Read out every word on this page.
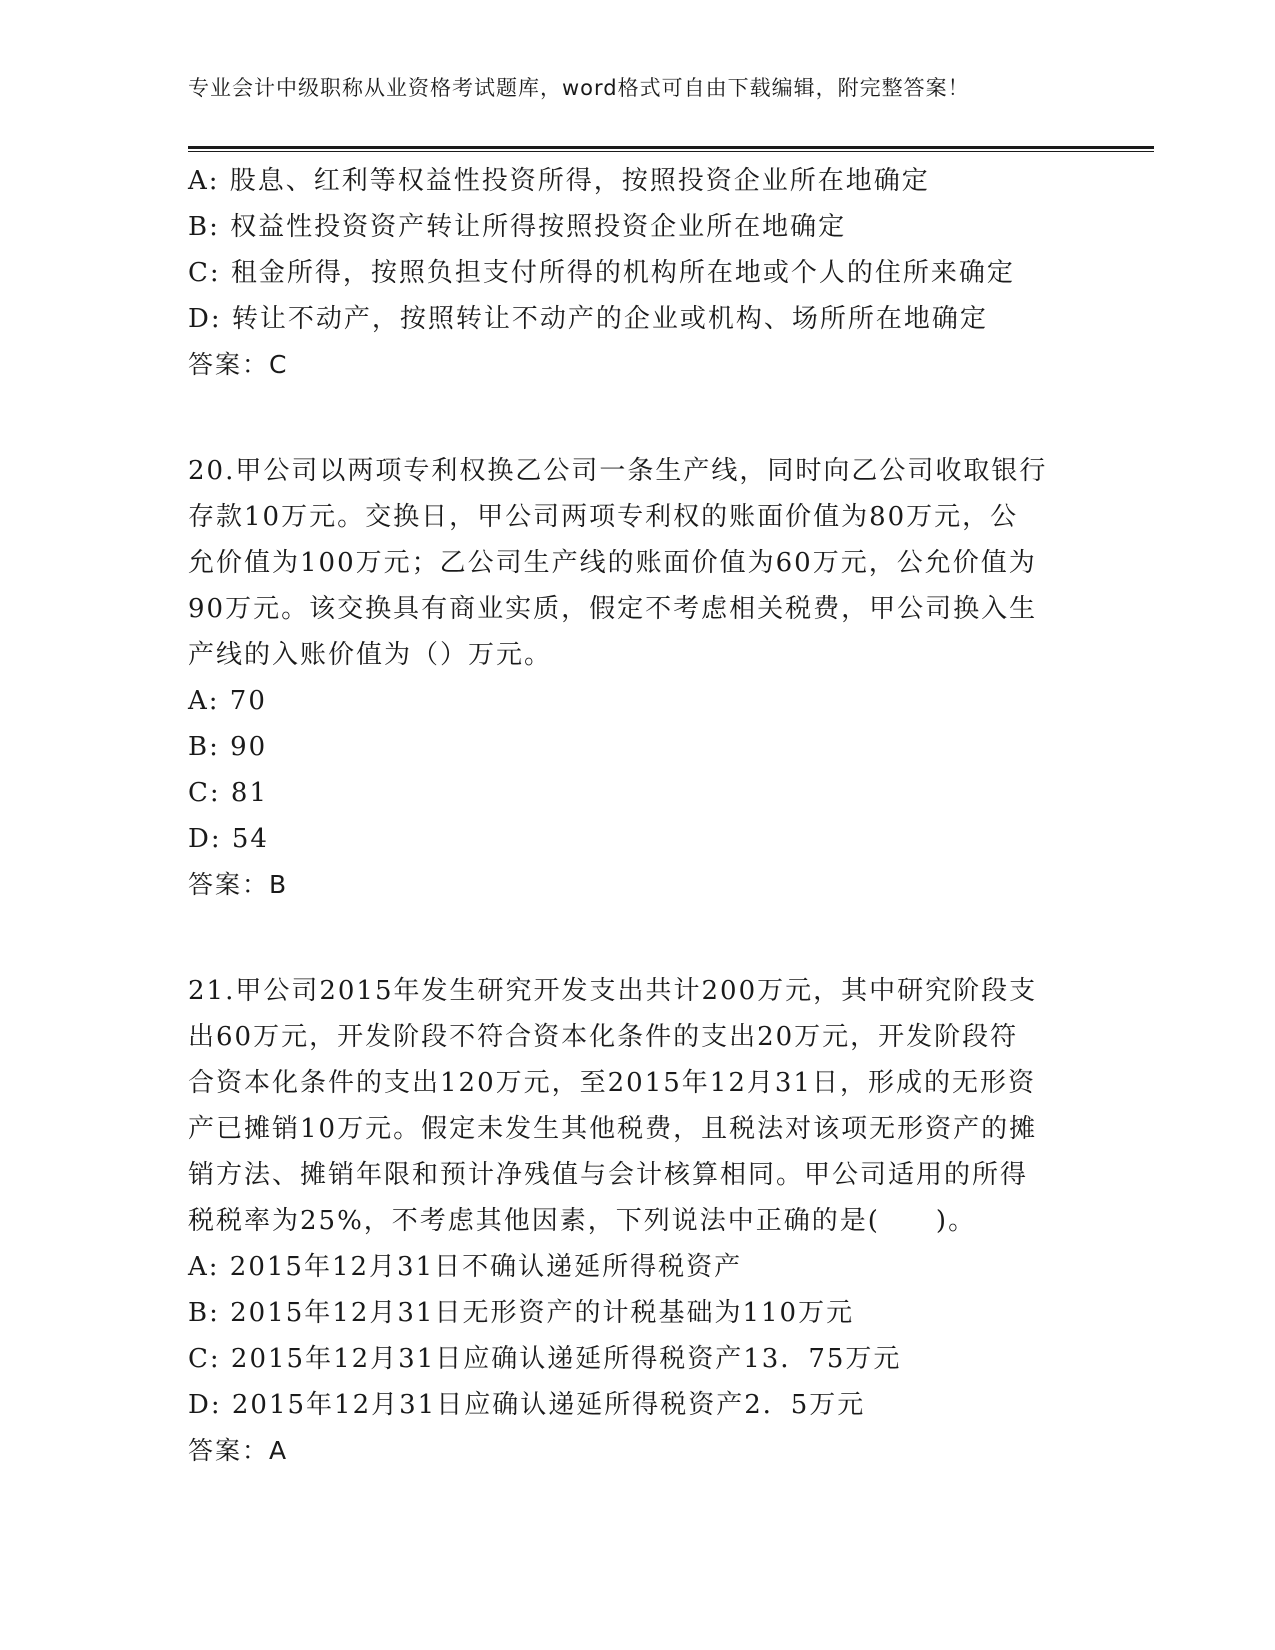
专业会计中级职称从业资格考试题库，word格式可自由下载编辑，附完整答案！
A: 股息、红利等权益性投资所得，按照投资企业所在地确定
B: 权益性投资资产转让所得按照投资企业所在地确定
C: 租金所得，按照负担支付所得的机构所在地或个人的住所来确定
D: 转让不动产，按照转让不动产的企业或机构、场所所在地确定
答案：C
20.甲公司以两项专利权换乙公司一条生产线，同时向乙公司收取银行
存款10万元。交换日，甲公司两项专利权的账面价值为80万元，公
允价值为100万元；乙公司生产线的账面价值为60万元，公允价值为
90万元。该交换具有商业实质，假定不考虑相关税费，甲公司换入生
产线的入账价值为（）万元。
A: 70
B: 90
C: 81
D: 54
答案：B
21.甲公司2015年发生研究开发支出共计200万元，其中研究阶段支
出60万元，开发阶段不符合资本化条件的支出20万元，开发阶段符
合资本化条件的支出120万元，至2015年12月31日，形成的无形资
产已摊销10万元。假定未发生其他税费，且税法对该项无形资产的摊
销方法、摊销年限和预计净残值与会计核算相同。甲公司适用的所得
税税率为25%，不考虑其他因素，下列说法中正确的是(　　)。
A: 2015年12月31日不确认递延所得税资产
B: 2015年12月31日无形资产的计税基础为110万元
C: 2015年12月31日应确认递延所得税资产13．75万元
D: 2015年12月31日应确认递延所得税资产2．5万元
答案：A
